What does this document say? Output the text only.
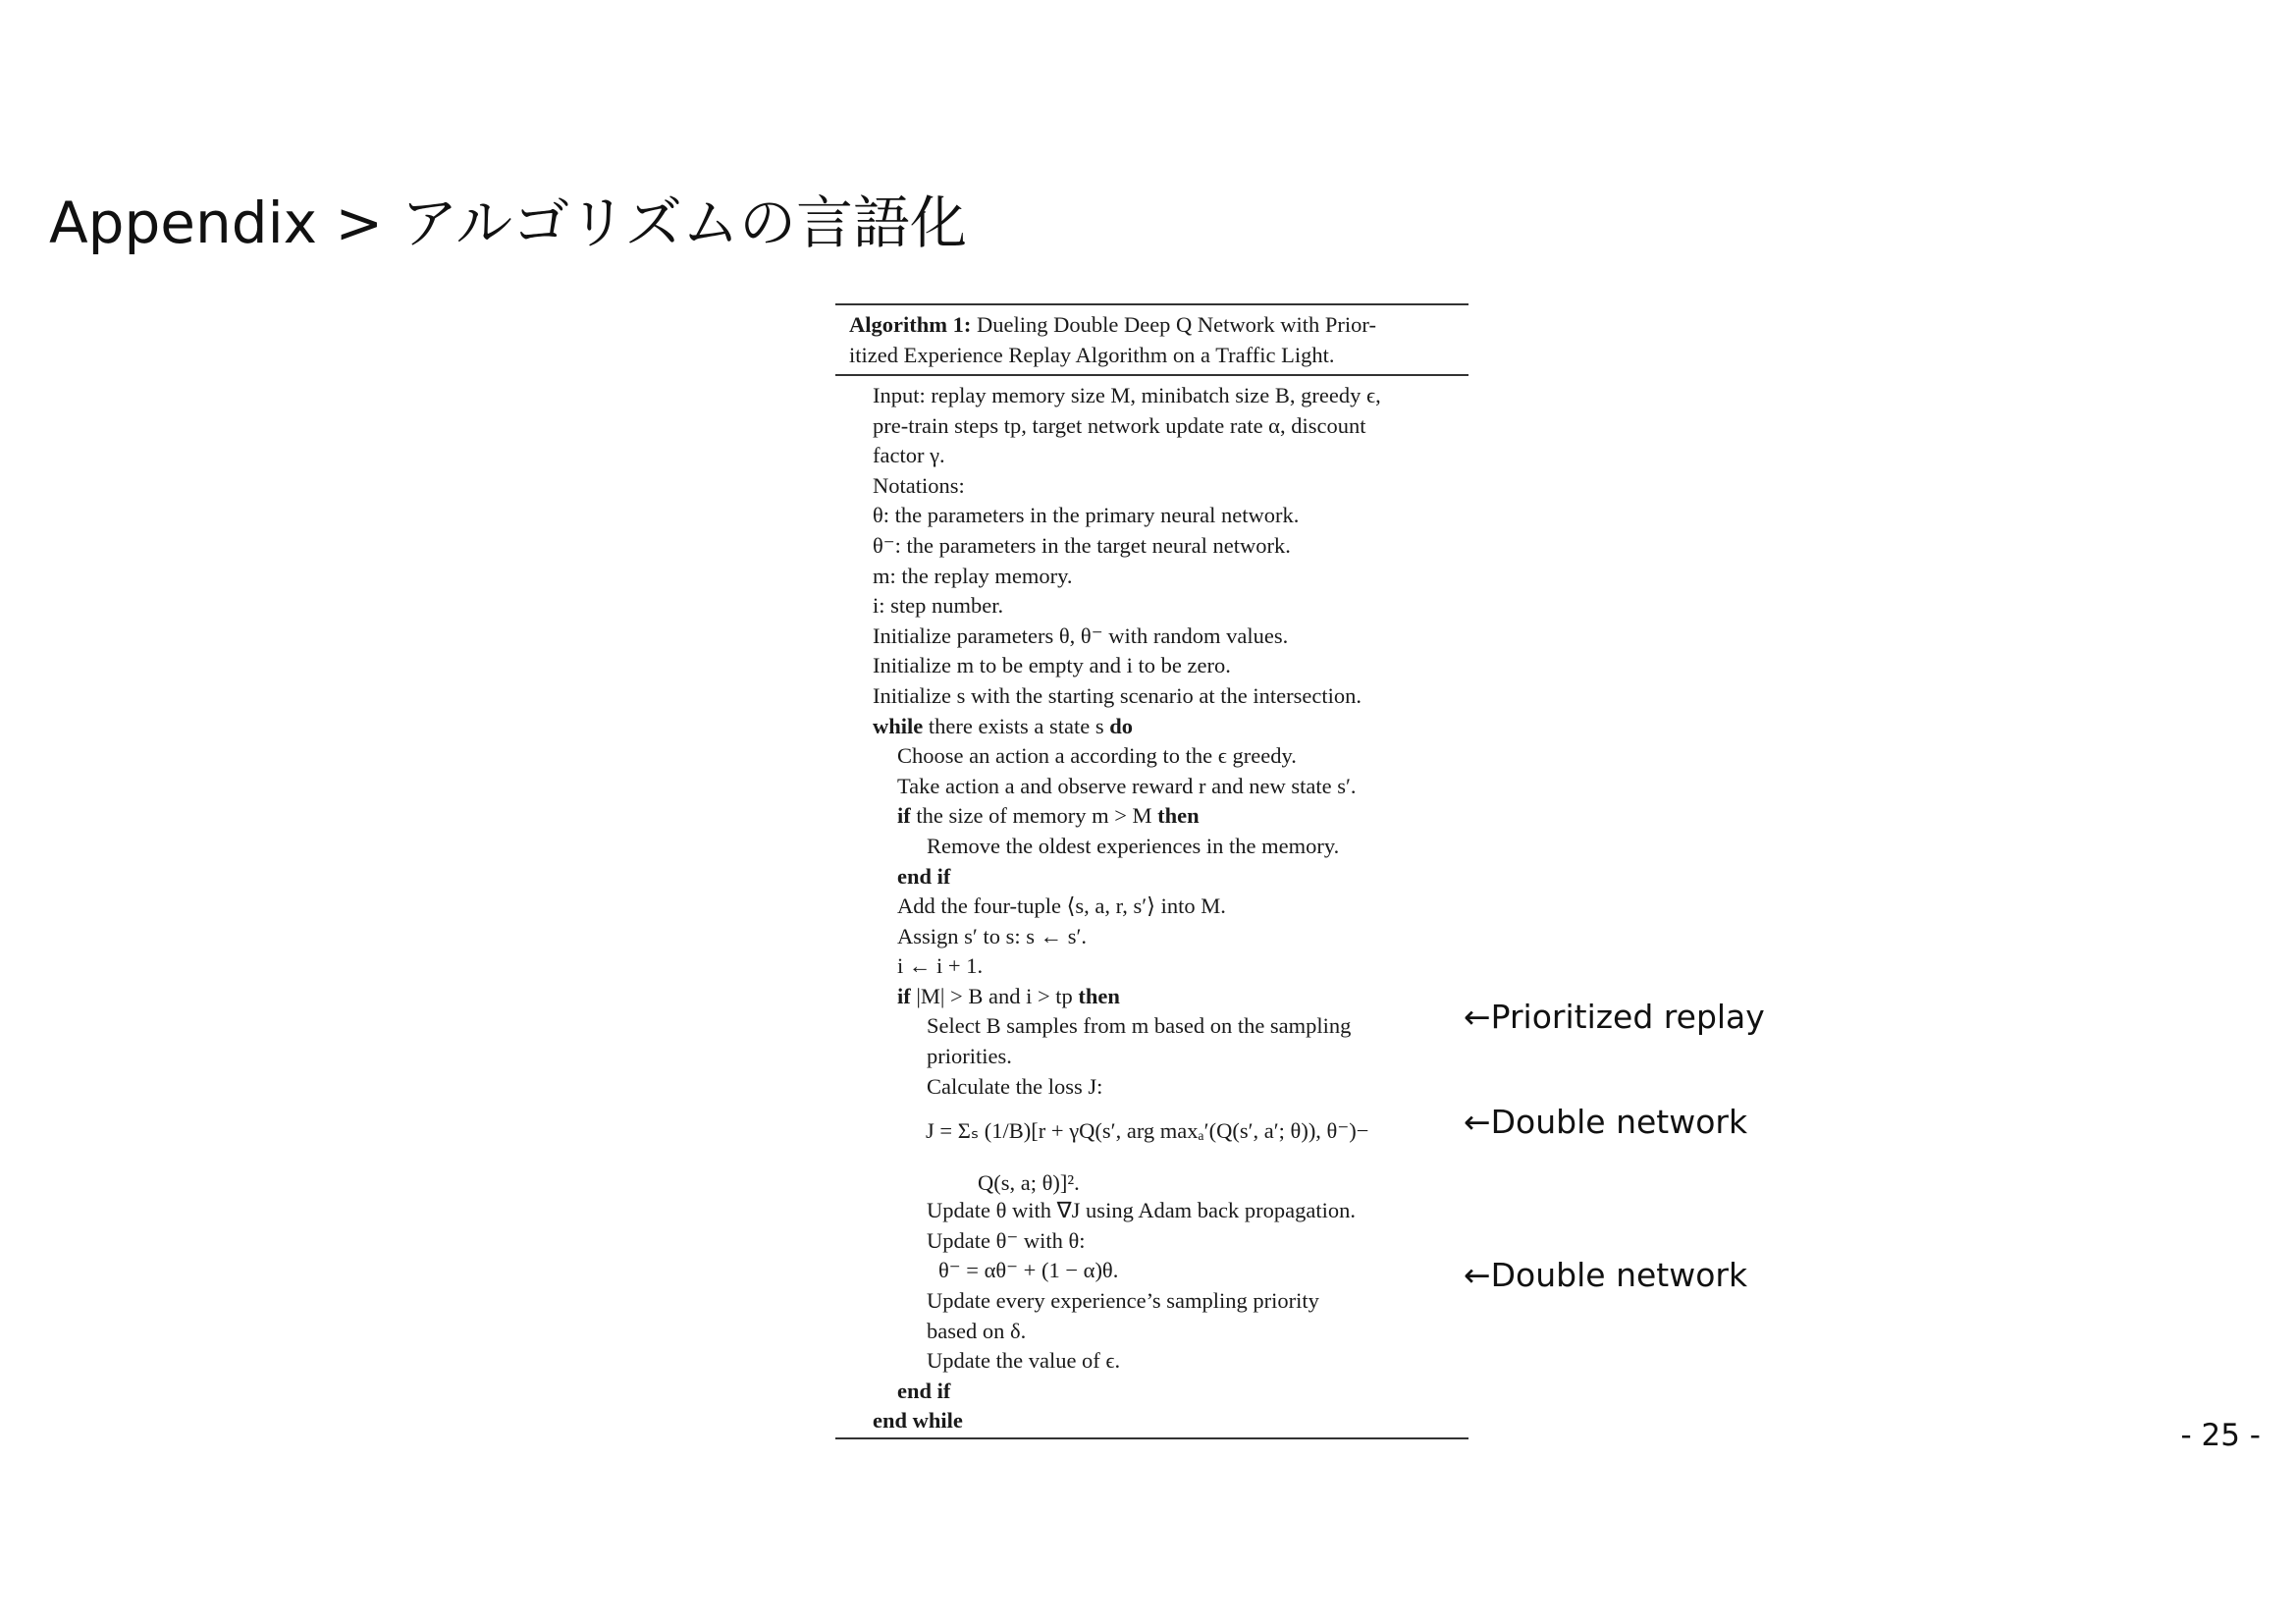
Appendix > アルゴリズムの言語化
Algorithm 1: Dueling Double Deep Q Network with Prior-
itized Experience Replay Algorithm on a Traffic Light.
Input: replay memory size M, minibatch size B, greedy ϵ,
pre-train steps tp, target network update rate α, discount
factor γ.
Notations:
θ: the parameters in the primary neural network.
θ⁻: the parameters in the target neural network.
m: the replay memory.
i: step number.
Initialize parameters θ, θ⁻ with random values.
Initialize m to be empty and i to be zero.
Initialize s with the starting scenario at the intersection.
while there exists a state s do
Choose an action a according to the ϵ greedy.
Take action a and observe reward r and new state s′.
if the size of memory m > M then
Remove the oldest experiences in the memory.
end if
Add the four-tuple ⟨s, a, r, s′⟩ into M.
Assign s′ to s: s ← s′.
i ← i + 1.
if |M| > B and i > tp then
Select B samples from m based on the sampling
priorities.
Calculate the loss J:
J = Σₛ (1/B)[r + γQ(s′, arg maxₐ′(Q(s′, a′; θ)), θ⁻)−
Q(s, a; θ)]².
Update θ with ∇J using Adam back propagation.
Update θ⁻ with θ:
θ⁻ = αθ⁻ + (1 − α)θ.
Update every experience’s sampling priority
based on δ.
Update the value of ϵ.
end if
end while
←Prioritized replay
←Double network
←Double network
- 25 -
